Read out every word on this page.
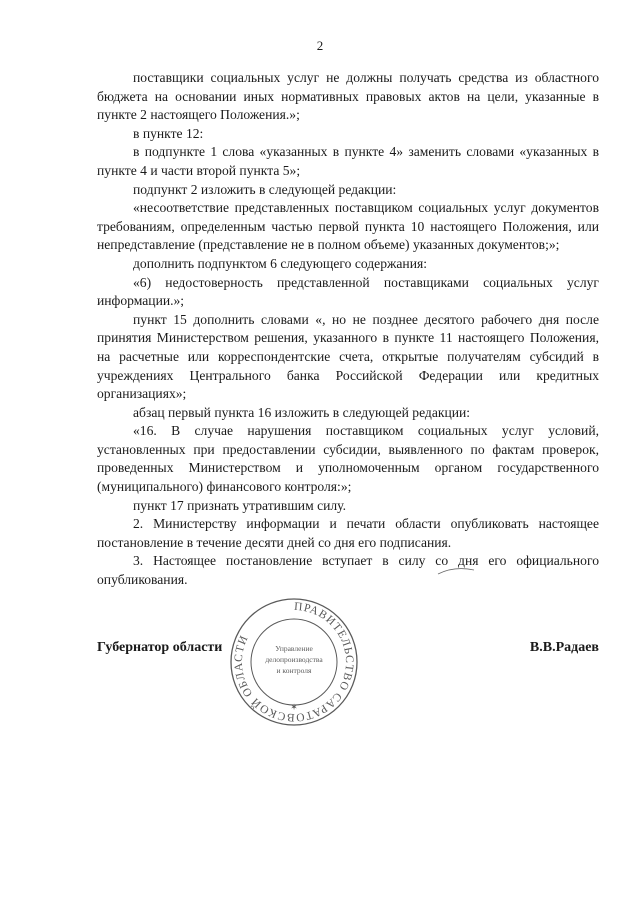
2

поставщики социальных услуг не должны получать средства из областного бюджета на основании иных нормативных правовых актов на цели, указанные в пункте 2 настоящего Положения.»;

в пункте 12:

в подпункте 1 слова «указанных в пункте 4» заменить словами «указанных в пункте 4 и части второй пункта 5»;

подпункт 2 изложить в следующей редакции:

«несоответствие представленных поставщиком социальных услуг документов требованиям, определенным частью первой пункта 10 настоящего Положения, или непредставление (представление не в полном объеме) указанных документов;»;

дополнить подпунктом 6 следующего содержания:

«6) недостоверность представленной поставщиками социальных услуг информации.»;

пункт 15 дополнить словами «, но не позднее десятого рабочего дня после принятия Министерством решения, указанного в пункте 11 настоящего Положения, на расчетные или корреспондентские счета, открытые получателям субсидий в учреждениях Центрального банка Российской Федерации или кредитных организациях»;

абзац первый пункта 16 изложить в следующей редакции:

«16. В случае нарушения поставщиком социальных услуг условий, установленных при предоставлении субсидии, выявленного по фактам проверок, проведенных Министерством и уполномоченным органом государственного (муниципального) финансового контроля:»;

пункт 17 признать утратившим силу.

2. Министерству информации и печати области опубликовать настоящее постановление в течение десяти дней со дня его подписания.

3. Настоящее постановление вступает в силу со дня его официального опубликования.

ПРАВИТЕЛЬСТВО САРАТОВСКОЙ ОБЛАСТИ
Управление
делопроизводства
и контроля
✶
Губернатор области	В.В.Радаев
